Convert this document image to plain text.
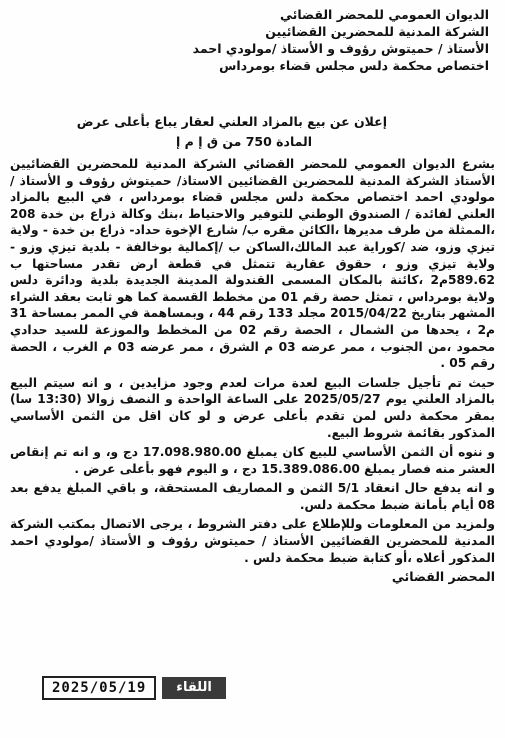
الديوان العمومي للمحضر القضائي
الشركة المدنية للمحضرين القضائيين
الأستاذ / حميتوش رؤوف و الأستاذ /مولودي احمد
اختصاص محكمة دلس مجلس قضاء بومرداس
إعلان عن بيع بالمزاد العلني لعقار يباع بأعلى عرض
المادة 750 من ق إ م إ

بشرع الديوان العمومي للمحضر القضائي الشركة المدنية للمحضرين القضائيين الأستاذ الشركة المدنية للمحضرين القضائيين الاستاذ/ حميتوش رؤوف و الأستاذ /مولودي احمد اختصاص محكمة دلس مجلس قضاء بومرداس ، في البيع بالمزاد العلني لفائدة / الصندوق الوطني للتوفير والاحتياط ،بنك وكالة ذراع بن خدة 208 ،الممثلة من طرف مديرها ،الكائن مقره ب/ شارع الإخوة حداد- ذراع بن خدة - ولاية تيزي وزو، ضد /كوراية عبد المالك،الساكن ب /إكمالية بوخالفة - بلدية تيزي وزو - ولاية تيزي وزو ، حقوق عقارية تتمثل في قطعة ارض تقدر مساحتها ب 589.62م2 ،كائنة بالمكان المسمى القندولة المدينة الجديدة بلدية ودائرة دلس ولاية بومرداس ، تمثل حصة رقم 01 من مخطط القسمة كما هو ثابت بعقد الشراء المشهر بتاريخ 2015/04/22 مجلد 133 رقم 44 ، وبمساهمة في الممر بمساحة 31 م2 ، يحدها من الشمال ، الحصة رقم 02 من المخطط والموزعة للسيد حدادي محمود ،من الجنوب ، ممر عرضه 03 م الشرق ، ممر عرضه 03 م الغرب ، الحصة رقم 05 .

حيث تم تأجيل جلسات البيع لعدة مرات لعدم وجود مزايدين ، و انه سيتم البيع بالمزاد العلني يوم 2025/05/27 على الساعة الواحدة و النصف زوالا (13:30 سا) بمقر محكمة دلس لمن تقدم بأعلى عرض و لو كان اقل من الثمن الأساسي المذكور بقائمة شروط البيع.

و ننوه أن الثمن الأساسي للبيع كان يمبلغ 17.098.980.00 دج و، و انه تم إنقاص العشر منه فصار يمبلغ 15.389.086.00 دج ، و اليوم فهو بأعلى عرض .

و انه يدفع حال انعقاد 5/1 الثمن و المصاريف المستحقة، و باقي المبلغ يدفع بعد 08 أيام بأمانة ضبط محكمة دلس.

ولمزيد من المعلومات وللإطلاع على دفتر الشروط ، يرجى الاتصال بمكتب الشركة المدنية للمحضرين القضائيين الأستاذ / حميتوش رؤوف و الأستاذ /مولودي احمد المذكور أعلاه ،أو كتابة ضبط محكمة دلس .

المحضر القضائي
2025/05/19	اللقاء
